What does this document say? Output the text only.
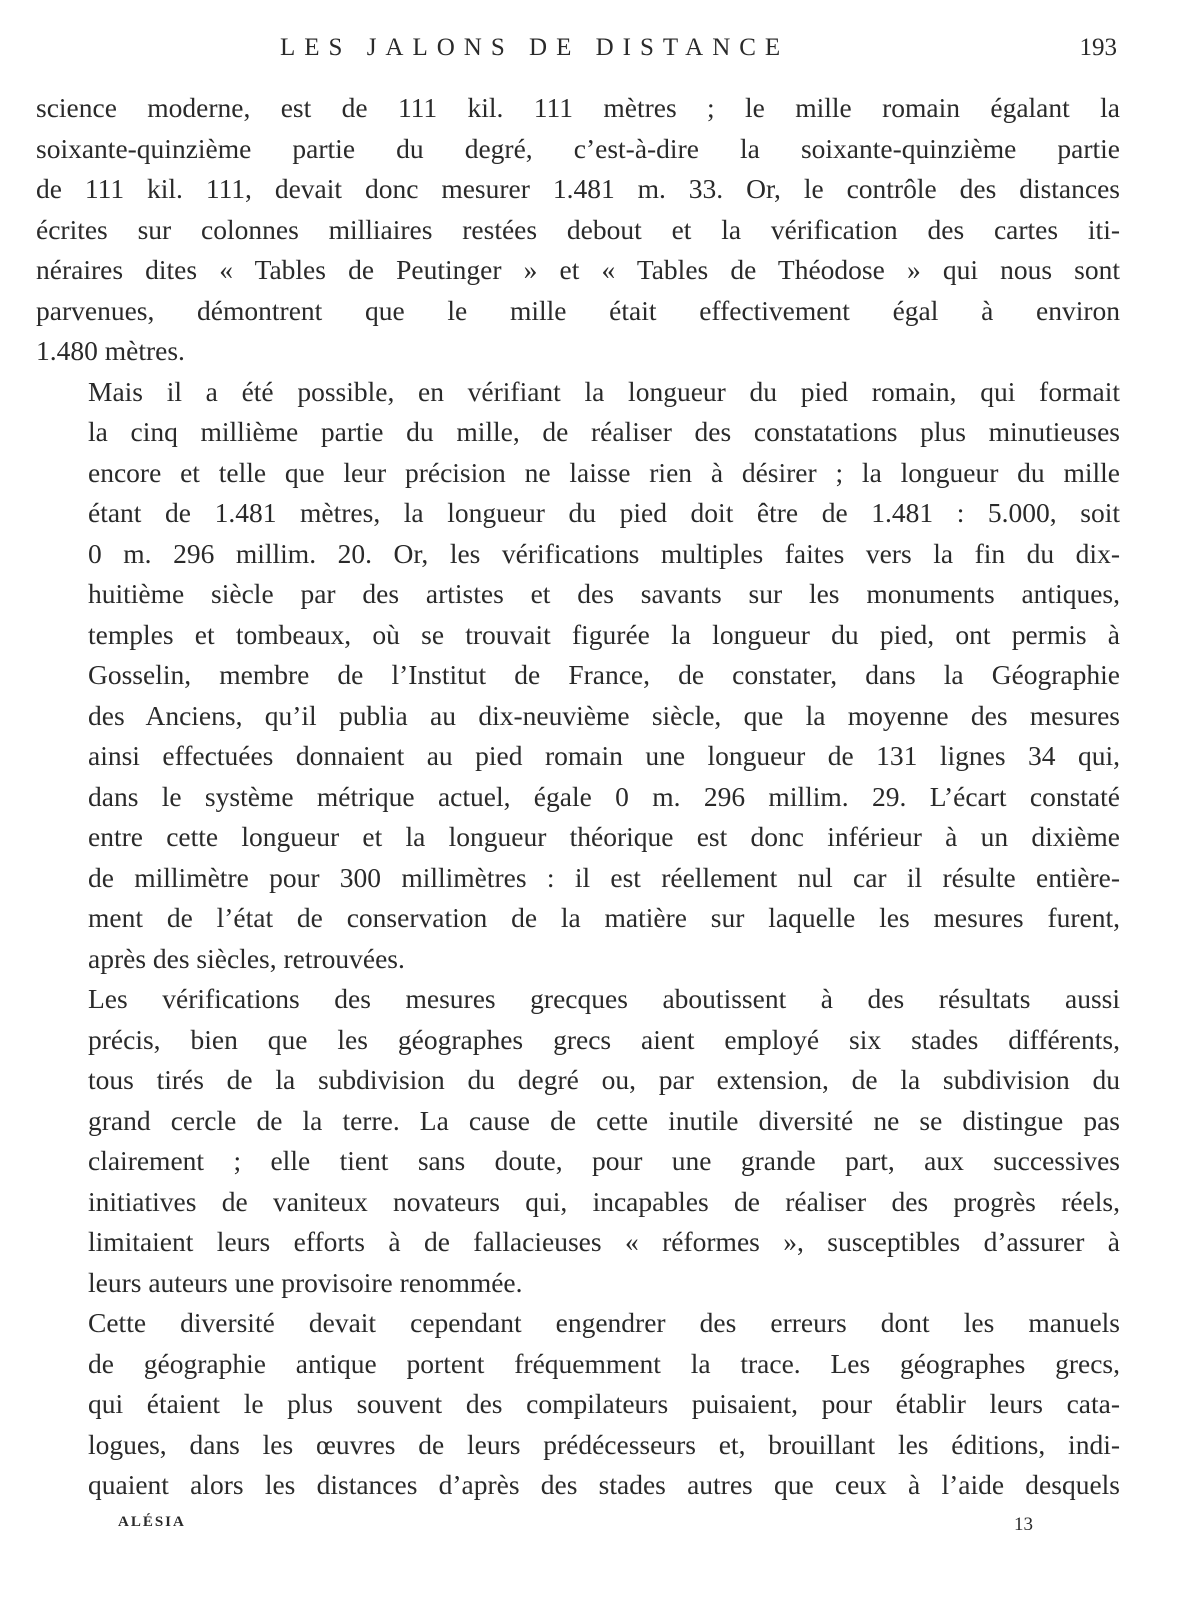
LES JALONS DE DISTANCE	193

science moderne, est de 111 kil. 111 mètres ; le mille romain égalant la
soixante-quinzième partie du degré, c’est-à-dire la soixante-quinzième partie
de 111 kil. 111, devait donc mesurer 1.481 m. 33. Or, le contrôle des distances
écrites sur colonnes milliaires restées debout et la vérification des cartes iti-
néraires dites « Tables de Peutinger » et « Tables de Théodose » qui nous sont
parvenues, démontrent que le mille était effectivement égal à environ
1.480 mètres.

Mais il a été possible, en vérifiant la longueur du pied romain, qui formait
la cinq millième partie du mille, de réaliser des constatations plus minutieuses
encore et telle que leur précision ne laisse rien à désirer ; la longueur du mille
étant de 1.481 mètres, la longueur du pied doit être de 1.481 : 5.000, soit
0 m. 296 millim. 20. Or, les vérifications multiples faites vers la fin du dix-
huitième siècle par des artistes et des savants sur les monuments antiques,
temples et tombeaux, où se trouvait figurée la longueur du pied, ont permis à
Gosselin, membre de l’Institut de France, de constater, dans la Géographie
des Anciens, qu’il publia au dix-neuvième siècle, que la moyenne des mesures
ainsi effectuées donnaient au pied romain une longueur de 131 lignes 34 qui,
dans le système métrique actuel, égale 0 m. 296 millim. 29. L’écart constaté
entre cette longueur et la longueur théorique est donc inférieur à un dixième
de millimètre pour 300 millimètres : il est réellement nul car il résulte entière-
ment de l’état de conservation de la matière sur laquelle les mesures furent,
après des siècles, retrouvées.

Les vérifications des mesures grecques aboutissent à des résultats aussi
précis, bien que les géographes grecs aient employé six stades différents,
tous tirés de la subdivision du degré ou, par extension, de la subdivision du
grand cercle de la terre. La cause de cette inutile diversité ne se distingue pas
clairement ; elle tient sans doute, pour une grande part, aux successives
initiatives de vaniteux novateurs qui, incapables de réaliser des progrès réels,
limitaient leurs efforts à de fallacieuses « réformes », susceptibles d’assurer à
leurs auteurs une provisoire renommée.

Cette diversité devait cependant engendrer des erreurs dont les manuels
de géographie antique portent fréquemment la trace. Les géographes grecs,
qui étaient le plus souvent des compilateurs puisaient, pour établir leurs cata-
logues, dans les œuvres de leurs prédécesseurs et, brouillant les éditions, indi-
quaient alors les distances d’après des stades autres que ceux à l’aide desquels

ALÉSIA	13
